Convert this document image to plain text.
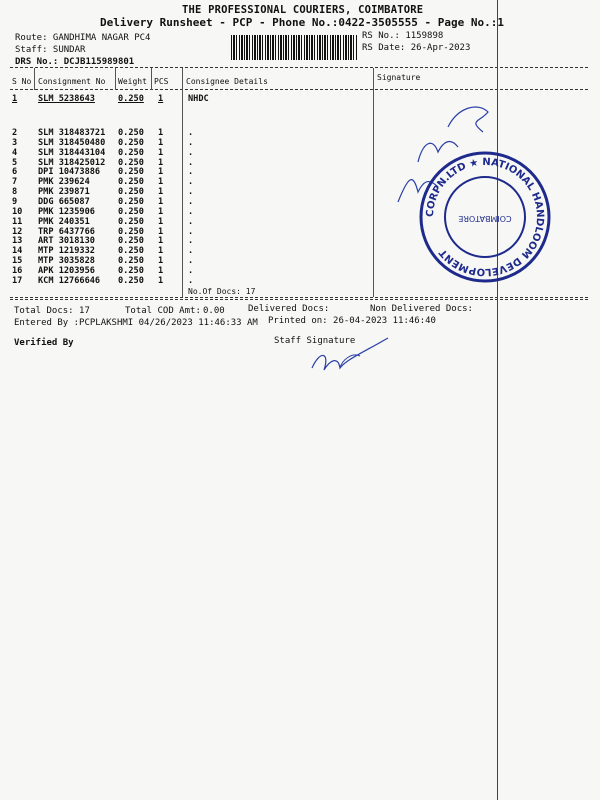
THE PROFESSIONAL COURIERS, COIMBATORE
Delivery Runsheet - PCP - Phone No.:0422-3505555 - Page No.:1
Route: GANDHIMA NAGAR PC4
Staff: SUNDAR
DRS No.: DCJB115989801
RS No.: 1159898
RS Date: 26-Apr-2023
S No Consignment No Weight PCS Consignee Details	Signature
1 SLM 5238643	0.250 1	NHDC
2 SLM 318483721 0.250 1	.
3 SLM 318450480 0.250 1	.
4 SLM 318443104 0.250 1	.
5 SLM 318425012 0.250 1	.
6 DPI 10473886 0.250 1	.
7 PMK 239624	0.250 1	.
8 PMK 239871	0.250 1	.
9 DDG 665087	0.250 1	.
10 PMK 1235906	0.250 1	.
11 PMK 240351	0.250 1	.
12 TRP 6437766	0.250 1	.
13 ART 3018130	0.250 1	.
14 MTP 1219332	0.250 1	.
15 MTP 3035828	0.250 1	.
16 APK 1203956	0.250 1	.
17 KCM 12766646 0.250 1	.
No.Of Docs: 17
Total Docs: 17	Total COD Amt: 0.00	Delivered Docs:	Non Delivered Docs:
Entered By :PCPLAKSHMI 04/26/2023 11:46:33 AM Printed on: 26-04-2023 11:46:40
Verified By	Staff Signature
CORPN.LTD ★ NATIONAL HANDLOOM DEVELOPMENT
COIMBATORE
